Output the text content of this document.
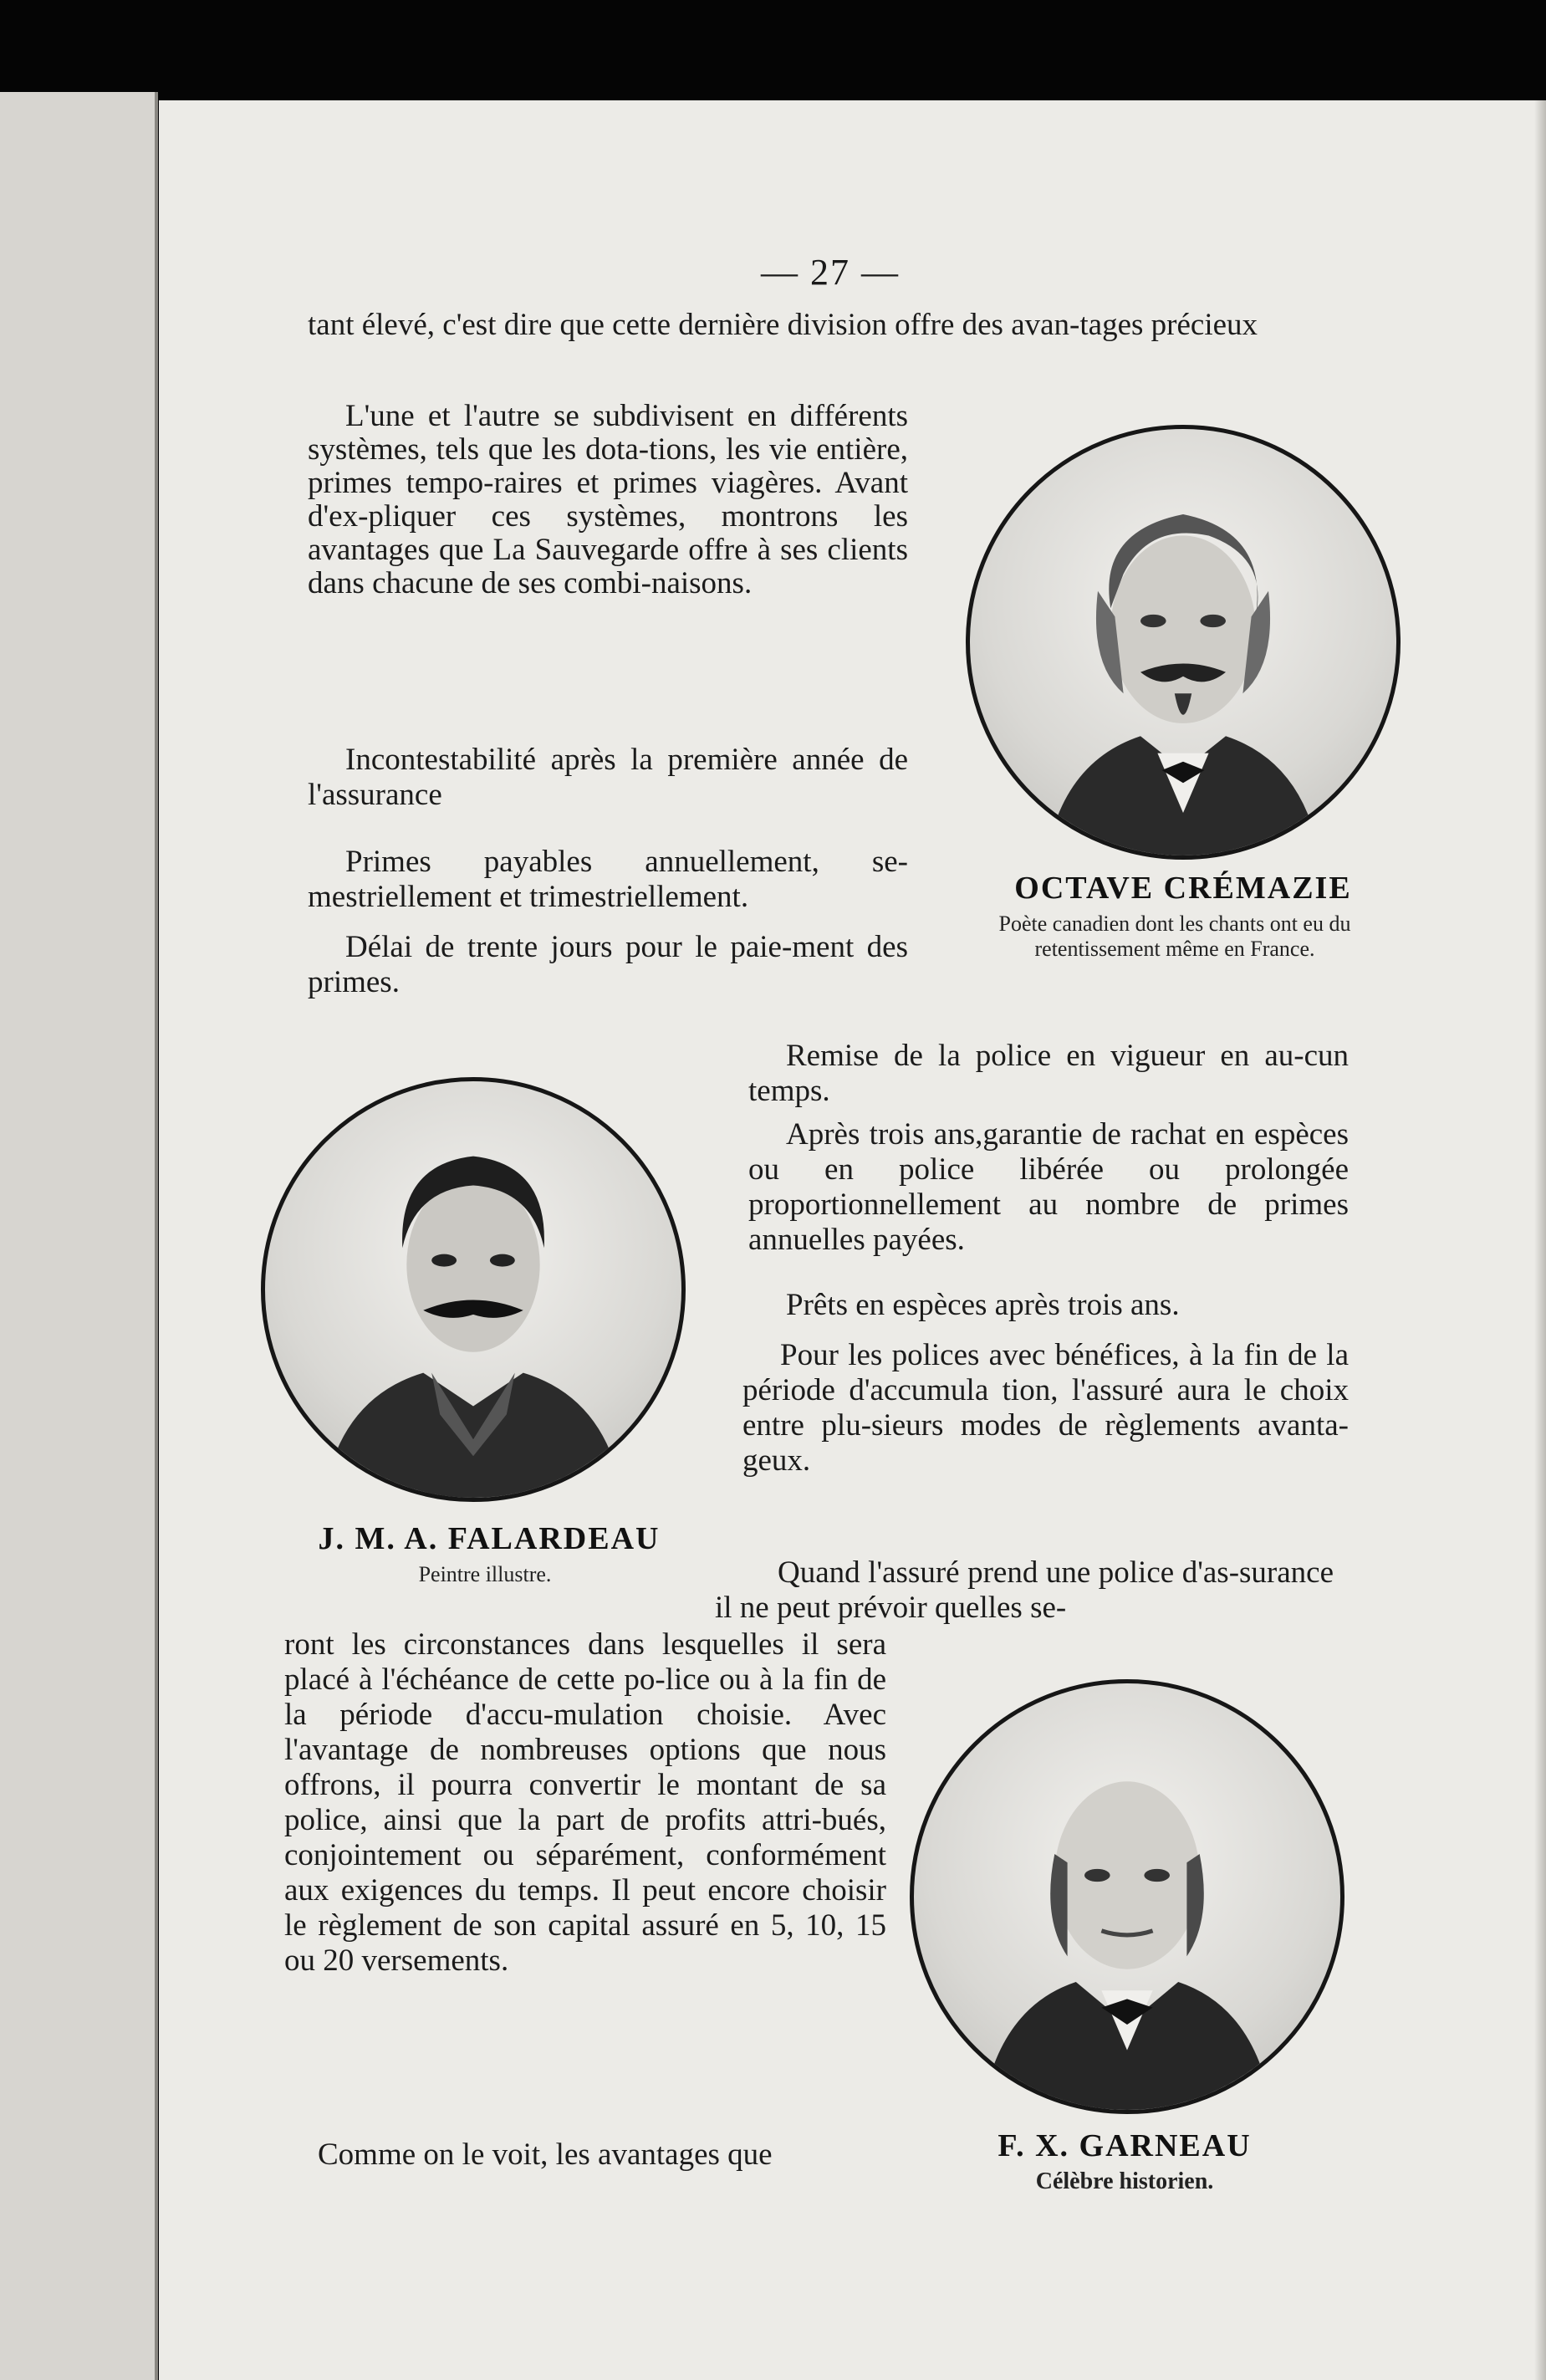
— 27 —

tant élevé, c'est dire que cette dernière division offre des avan-tages précieux

L'une et l'autre se subdivisent en différents systèmes, tels que les dota-tions, les vie entière, primes tempo-raires et primes viagères. Avant d'ex-pliquer ces systèmes, montrons les avantages que La Sauvegarde offre à ses clients dans chacune de ses combi-naisons.

Incontestabilité après la première année de l'assurance

Primes payables annuellement, se-mestriellement et trimestriellement.

Délai de trente jours pour le paie-ment des primes.

OCTAVE CRÉMAZIE

Poète canadien dont les chants ont eu du retentissement même en France.

J. M. A. FALARDEAU

Peintre illustre.

Remise de la police en vigueur en au-cun temps.

Après trois ans,garantie de rachat en espèces ou en police libérée ou prolongée proportionnellement au nombre de primes annuelles payées.

Prêts en espèces après trois ans.

Pour les polices avec bénéfices, à la fin de la période d'accumula tion, l'assuré aura le choix entre plu-sieurs modes de règlements avanta-geux.

Quand l'assuré prend une police d'as-surance il ne peut prévoir quelles se-

ront les circonstances dans lesquelles il sera placé à l'échéance de cette po-lice ou à la fin de la période d'accu-mulation choisie. Avec l'avantage de nombreuses options que nous offrons, il pourra convertir le montant de sa police, ainsi que la part de profits attri-bués, conjointement ou séparément, conformément aux exigences du temps. Il peut encore choisir le règlement de son capital assuré en 5, 10, 15 ou 20 versements.

Comme on le voit, les avantages que	F. X. GARNEAU

Célèbre historien.
